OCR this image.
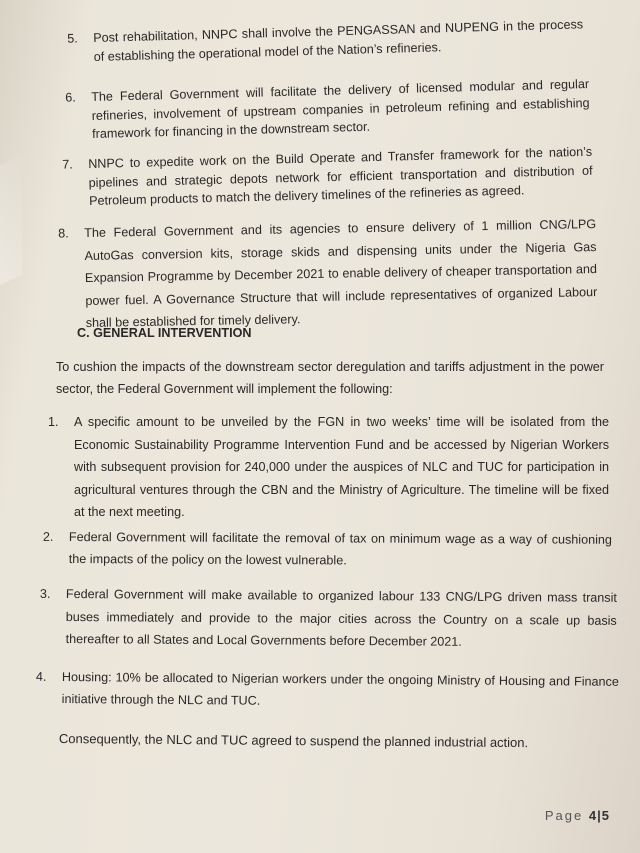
5. Post rehabilitation, NNPC shall involve the PENGASSAN and NUPENG in the process of establishing the operational model of the Nation’s refineries.
6. The Federal Government will facilitate the delivery of licensed modular and regular refineries, involvement of upstream companies in petroleum refining and establishing framework for financing in the downstream sector.
7. NNPC to expedite work on the Build Operate and Transfer framework for the nation’s pipelines and strategic depots network for efficient transportation and distribution of Petroleum products to match the delivery timelines of the refineries as agreed.
8. The Federal Government and its agencies to ensure delivery of 1 million CNG/LPG AutoGas conversion kits, storage skids and dispensing units under the Nigeria Gas Expansion Programme by December 2021 to enable delivery of cheaper transportation and power fuel. A Governance Structure that will include representatives of organized Labour shall be established for timely delivery.
C. GENERAL INTERVENTION
To cushion the impacts of the downstream sector deregulation and tariffs adjustment in the power sector, the Federal Government will implement the following:
1. A specific amount to be unveiled by the FGN in two weeks’ time will be isolated from the Economic Sustainability Programme Intervention Fund and be accessed by Nigerian Workers with subsequent provision for 240,000 under the auspices of NLC and TUC for participation in agricultural ventures through the CBN and the Ministry of Agriculture. The timeline will be fixed at the next meeting.
2. Federal Government will facilitate the removal of tax on minimum wage as a way of cushioning the impacts of the policy on the lowest vulnerable.
3. Federal Government will make available to organized labour 133 CNG/LPG driven mass transit buses immediately and provide to the major cities across the Country on a scale up basis thereafter to all States and Local Governments before December 2021.
4. Housing: 10% be allocated to Nigerian workers under the ongoing Ministry of Housing and Finance initiative through the NLC and TUC.
Consequently, the NLC and TUC agreed to suspend the planned industrial action.
Page 4|5
